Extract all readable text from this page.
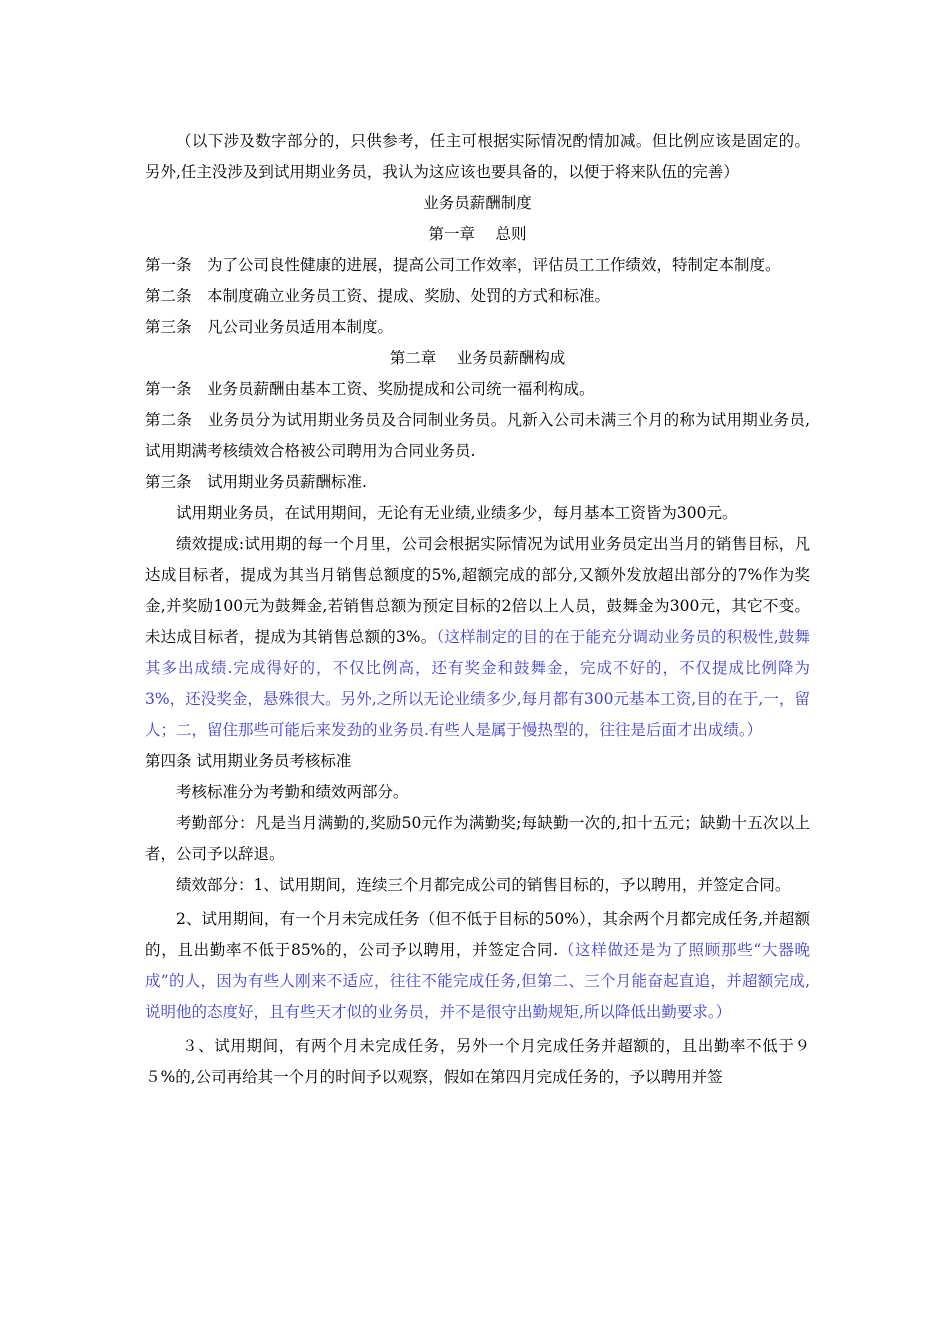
（以下涉及数字部分的，只供参考，任主可根据实际情况酌情加减。但比例应该是固定的。另外,任主没涉及到试用期业务员，我认为这应该也要具备的，以便于将来队伍的完善）

业务员薪酬制度

第一章　 总则

第一条　为了公司良性健康的进展，提高公司工作效率，评估员工工作绩效，特制定本制度。

第二条　本制度确立业务员工资、提成、奖励、处罚的方式和标准。

第三条　凡公司业务员适用本制度。

第二章　 业务员薪酬构成

第一条　业务员薪酬由基本工资、奖励提成和公司统一福利构成。

第二条　业务员分为试用期业务员及合同制业务员。凡新入公司未满三个月的称为试用期业务员,试用期满考核绩效合格被公司聘用为合同业务员.

第三条　试用期业务员薪酬标准.

试用期业务员，在试用期间，无论有无业绩,业绩多少，每月基本工资皆为300元。

绩效提成:试用期的每一个月里，公司会根据实际情况为试用业务员定出当月的销售目标，凡达成目标者，提成为其当月销售总额度的5%,超额完成的部分,又额外发放超出部分的7%作为奖金,并奖励100元为鼓舞金,若销售总额为预定目标的2倍以上人员，鼓舞金为300元，其它不变。未达成目标者，提成为其销售总额的3%。（这样制定的目的在于能充分调动业务员的积极性,鼓舞其多出成绩.完成得好的，不仅比例高，还有奖金和鼓舞金，完成不好的，不仅提成比例降为3%，还没奖金，悬殊很大。另外,之所以无论业绩多少,每月都有300元基本工资,目的在于,一，留人；二，留住那些可能后来发劲的业务员.有些人是属于慢热型的，往往是后面才出成绩。）

第四条 试用期业务员考核标准

考核标准分为考勤和绩效两部分。

考勤部分：凡是当月满勤的,奖励50元作为满勤奖;每缺勤一次的,扣十五元；缺勤十五次以上者，公司予以辞退。

绩效部分：1、试用期间，连续三个月都完成公司的销售目标的，予以聘用，并签定合同。

2、试用期间，有一个月未完成任务（但不低于目标的50%），其余两个月都完成任务,并超额的，且出勤率不低于85%的，公司予以聘用，并签定合同.（这样做还是为了照顾那些“大器晚成”的人，因为有些人刚来不适应，往往不能完成任务,但第二、三个月能奋起直追，并超额完成,说明他的态度好，且有些天才似的业务员，并不是很守出勤规矩,所以降低出勤要求。）

３、试用期间，有两个月未完成任务，另外一个月完成任务并超额的，且出勤率不低于９５%的,公司再给其一个月的时间予以观察，假如在第四月完成任务的，予以聘用并签
